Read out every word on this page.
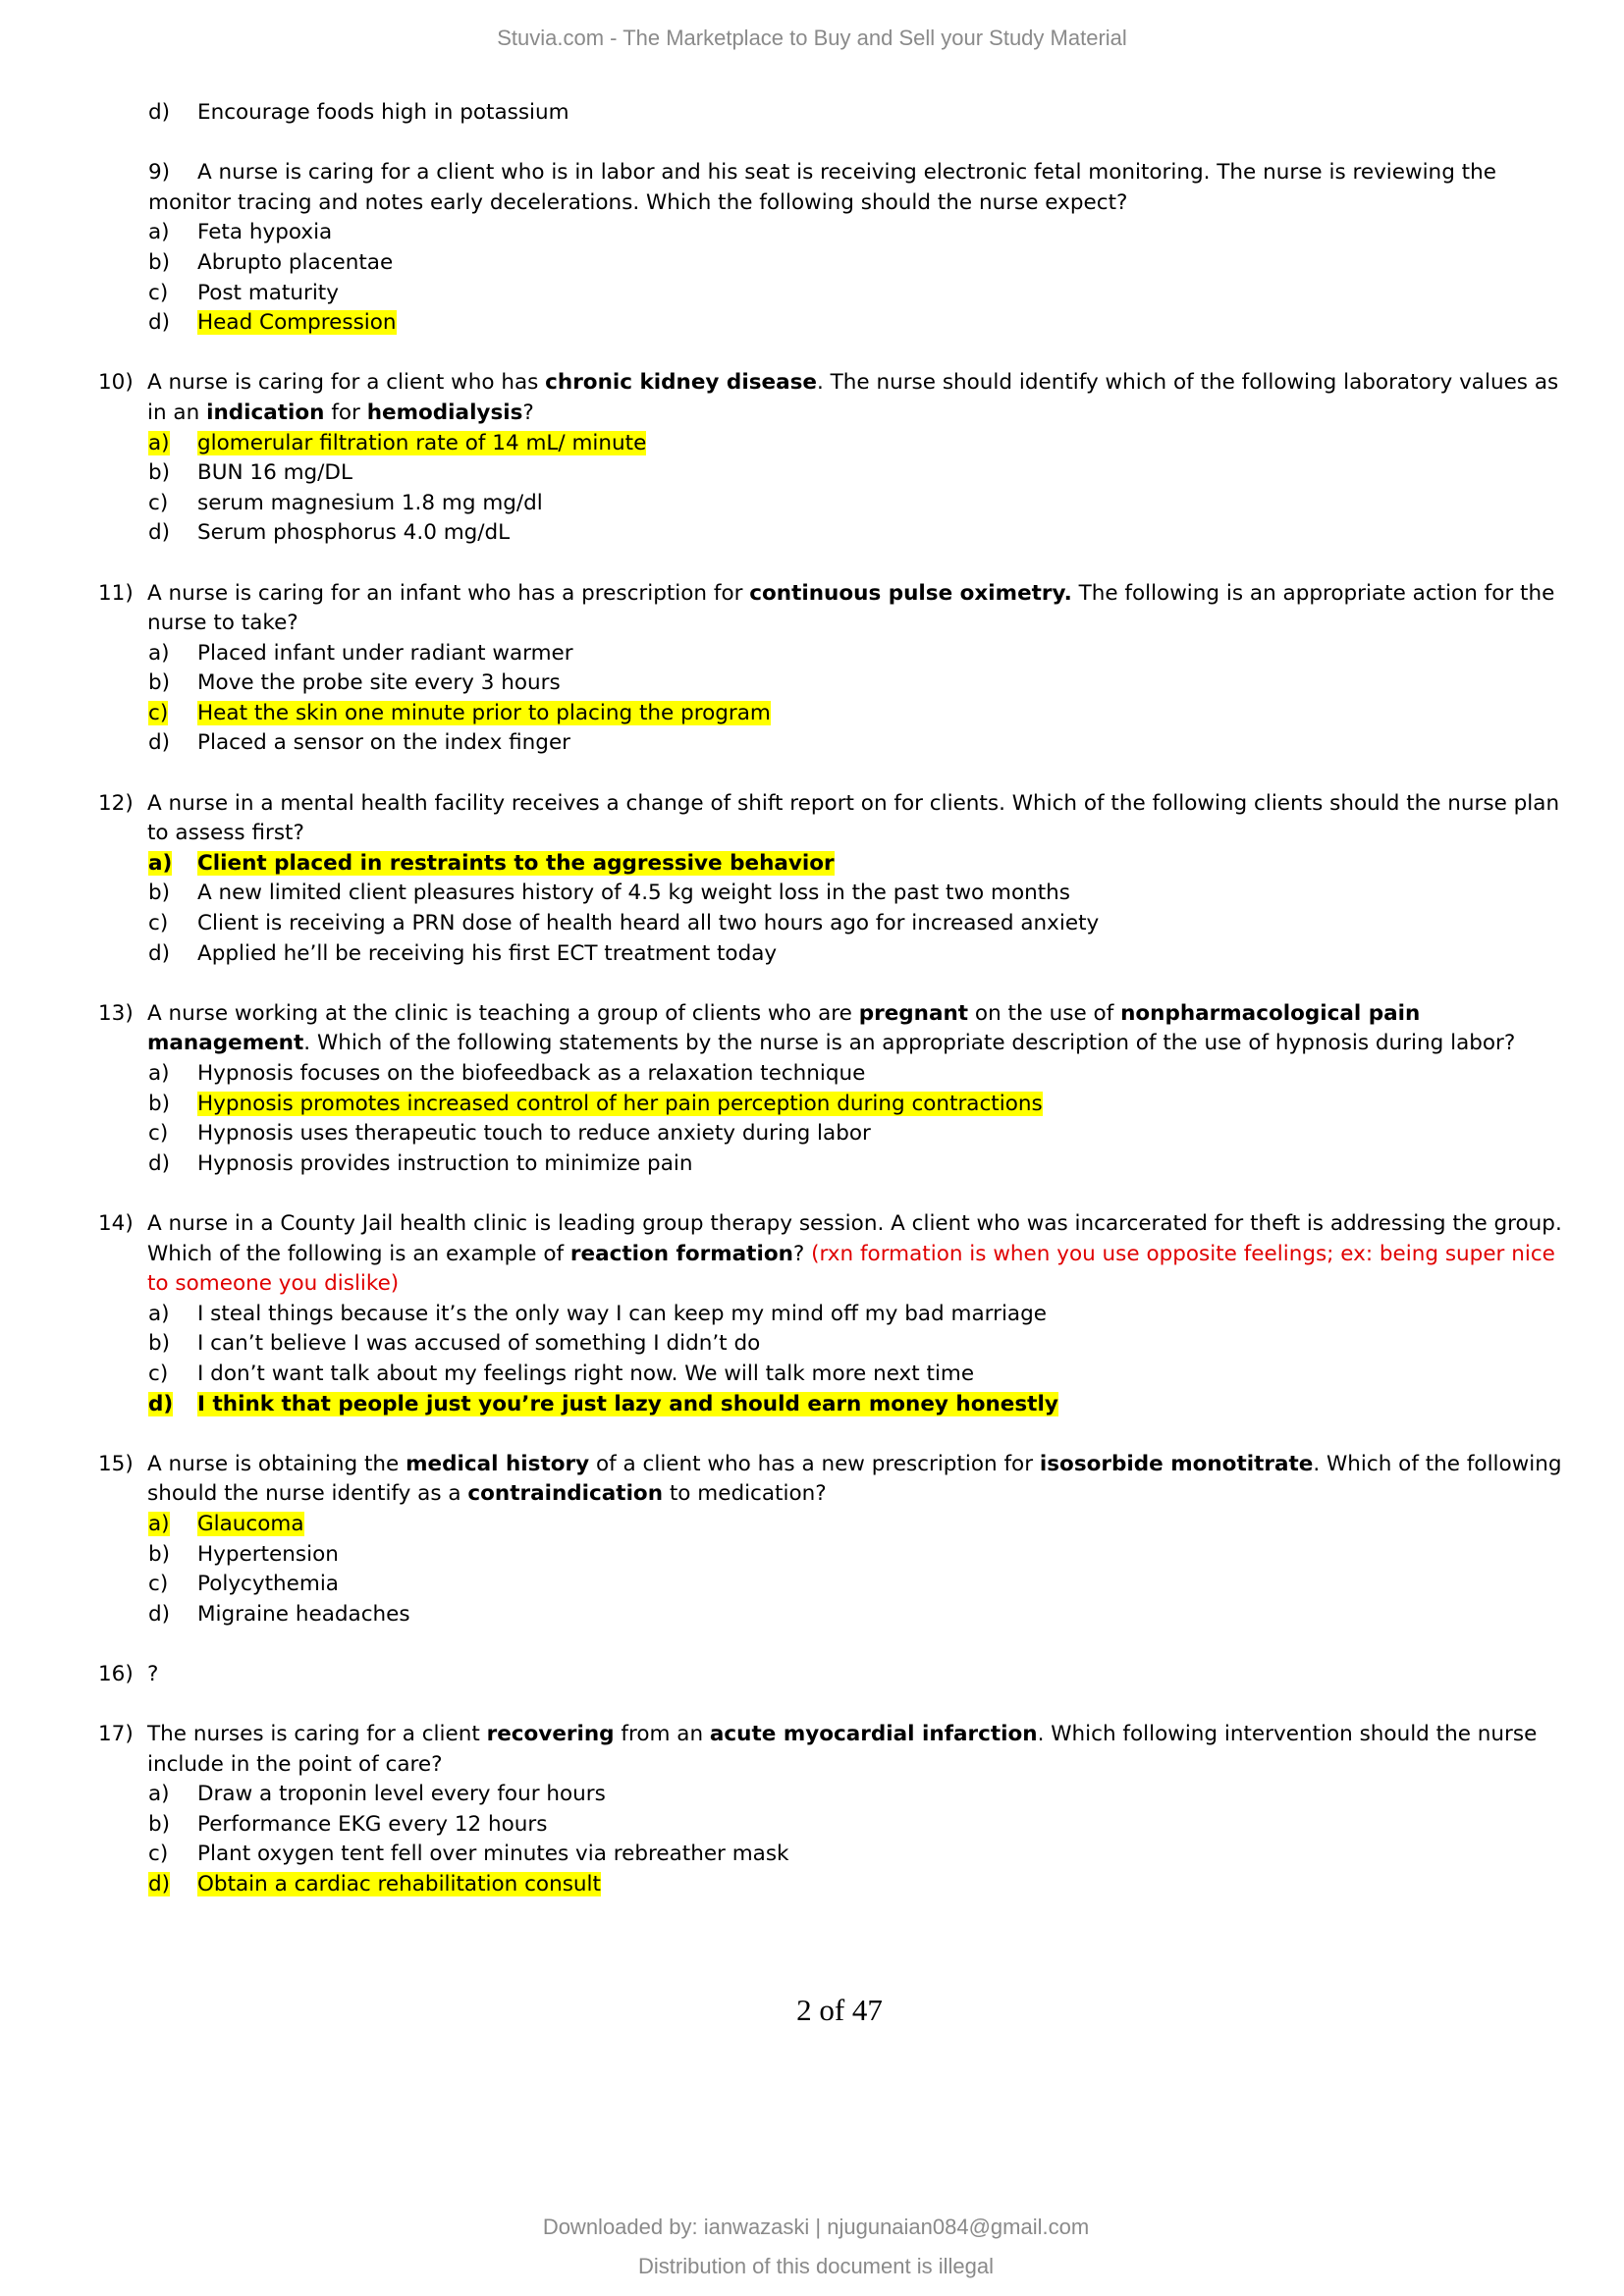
Stuvia.com - The Marketplace to Buy and Sell your Study Material
d)	Encourage foods high in potassium
9) A nurse is caring for a client who is in labor and his seat is receiving electronic fetal monitoring. The nurse is reviewing the monitor tracing and notes early decelerations. Which the following should the nurse expect?
a)	Feta hypoxia
b)	Abrupto placentae
c)	Post maturity
d)	Head Compression
10) A nurse is caring for a client who has chronic kidney disease. The nurse should identify which of the following laboratory values as in an indication for hemodialysis?
a)	glomerular filtration rate of 14 mL/ minute
b)	BUN 16 mg/DL
c)	serum magnesium 1.8 mg mg/dl
d)	Serum phosphorus 4.0 mg/dL
11) A nurse is caring for an infant who has a prescription for continuous pulse oximetry. The following is an appropriate action for the nurse to take?
a)	Placed infant under radiant warmer
b)	Move the probe site every 3 hours
c)	Heat the skin one minute prior to placing the program
d)	Placed a sensor on the index finger
12) A nurse in a mental health facility receives a change of shift report on for clients. Which of the following clients should the nurse plan to assess first?
a)	Client placed in restraints to the aggressive behavior
b)	A new limited client pleasures history of 4.5 kg weight loss in the past two months
c)	Client is receiving a PRN dose of health heard all two hours ago for increased anxiety
d)	Applied he’ll be receiving his first ECT treatment today
13) A nurse working at the clinic is teaching a group of clients who are pregnant on the use of nonpharmacological pain management. Which of the following statements by the nurse is an appropriate description of the use of hypnosis during labor?
a)	Hypnosis focuses on the biofeedback as a relaxation technique
b)	Hypnosis promotes increased control of her pain perception during contractions
c)	Hypnosis uses therapeutic touch to reduce anxiety during labor
d)	Hypnosis provides instruction to minimize pain
14) A nurse in a County Jail health clinic is leading group therapy session. A client who was incarcerated for theft is addressing the group. Which of the following is an example of reaction formation? (rxn formation is when you use opposite feelings; ex: being super nice to someone you dislike)
a)	I steal things because it’s the only way I can keep my mind off my bad marriage
b)	I can’t believe I was accused of something I didn’t do
c)	I don’t want talk about my feelings right now. We will talk more next time
d)	I think that people just you’re just lazy and should earn money honestly
15) A nurse is obtaining the medical history of a client who has a new prescription for isosorbide monotitrate. Which of the following should the nurse identify as a contraindication to medication?
a)	Glaucoma
b)	Hypertension
c)	Polycythemia
d)	Migraine headaches
16) ?
17) The nurses is caring for a client recovering from an acute myocardial infarction. Which following intervention should the nurse include in the point of care?
a)	Draw a troponin level every four hours
b)	Performance EKG every 12 hours
c)	Plant oxygen tent fell over minutes via rebreather mask
d)	Obtain a cardiac rehabilitation consult
2 of 47
Downloaded by: ianwazaski | njugunaian084@gmail.com
Distribution of this document is illegal
